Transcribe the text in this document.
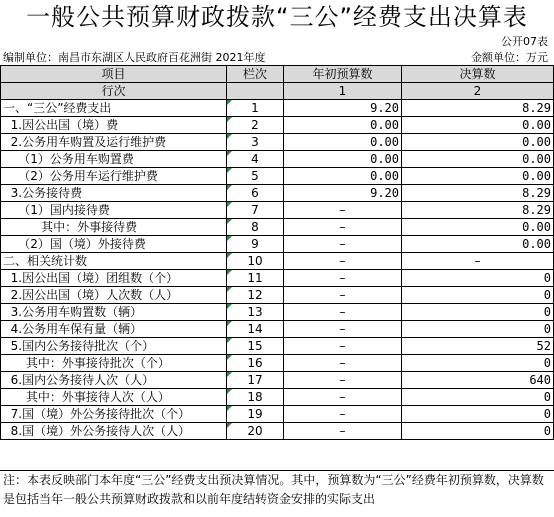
一般公共预算财政拨款“三公”经费支出决算表
公开07表
编制单位：南昌市东湖区人民政府百花洲街 2021年度	金额单位：万元
项目	栏次	年初预算数	决算数
行次		1	2
一、“三公”经费支出	1	9.20	8.29
1.因公出国（境）费	2	0.00	0.00
2.公务用车购置及运行维护费	3	0.00	0.00
（1）公务用车购置费	4	0.00	0.00
（2）公务用车运行维护费	5	0.00	0.00
3.公务接待费	6	9.20	8.29
（1）国内接待费	7	–	8.29
其中：外事接待费	8	–	0.00
（2）国（境）外接待费	9	–	0.00
二、相关统计数	10	–	–
1.因公出国（境）团组数（个）	11	–	0
2.因公出国（境）人次数（人）	12	–	0
3.公务用车购置数（辆）	13	–	0
4.公务用车保有量（辆）	14	–	0
5.国内公务接待批次（个）	15	–	52
其中：外事接待批次（个）	16	–	0
6.国内公务接待人次（人）	17	–	640
其中：外事接待人次（人）	18	–	0
7.国（境）外公务接待批次（个）	19	–	0
8.国（境）外公务接待人次（人）	20	–	0
注：本表反映部门本年度“三公”经费支出预决算情况。其中，预算数为“三公”经费年初预算数，决算数是包括当年一般公共预算财政拨款和以前年度结转资金安排的实际支出
